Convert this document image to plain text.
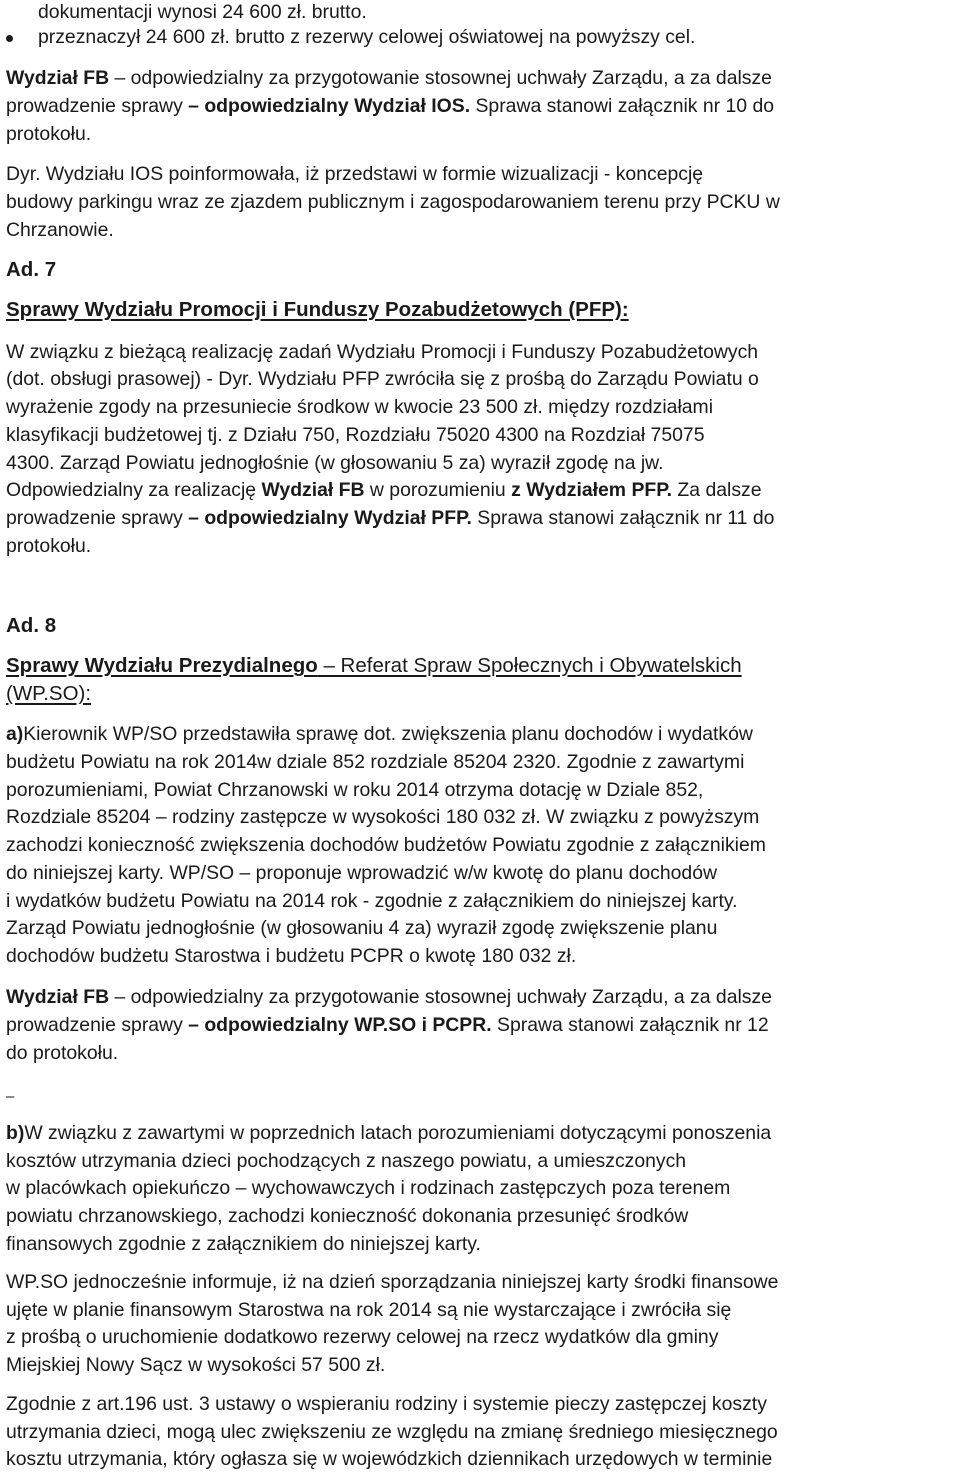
dokumentacji wynosi 24 600 zł. brutto.
przeznaczył 24 600 zł. brutto z rezerwy celowej oświatowej na powyższy cel.
Wydział FB – odpowiedzialny za przygotowanie stosownej uchwały Zarządu, a za dalsze
prowadzenie sprawy – odpowiedzialny Wydział IOS. Sprawa stanowi załącznik nr 10 do
protokołu.
Dyr. Wydziału IOS poinformowała, iż przedstawi w formie wizualizacji - koncepcję
budowy parkingu wraz ze zjazdem publicznym i zagospodarowaniem terenu przy PCKU w
Chrzanowie.
Ad. 7
Sprawy Wydziału Promocji i Funduszy Pozabudżetowych (PFP):
W związku z bieżącą realizację zadań Wydziału Promocji i Funduszy Pozabudżetowych
(dot. obsługi prasowej) - Dyr. Wydziału PFP zwróciła się z prośbą do Zarządu Powiatu o
wyrażenie zgody na przesuniecie środkow w kwocie 23 500 zł. między rozdziałami
klasyfikacji budżetowej tj. z Działu 750, Rozdziału 75020 4300 na Rozdział 75075
4300. Zarząd Powiatu jednogłośnie (w głosowaniu 5 za) wyraził zgodę na jw.
Odpowiedzialny za realizację Wydział FB w porozumieniu z Wydziałem PFP. Za dalsze
prowadzenie sprawy – odpowiedzialny Wydział PFP. Sprawa stanowi załącznik nr 11 do
protokołu.
Ad. 8
Sprawy Wydziału Prezydialnego – Referat Spraw Społecznych i Obywatelskich
(WP.SO):
a)Kierownik WP/SO przedstawiła sprawę dot. zwiększenia planu dochodów i wydatków
budżetu Powiatu na rok 2014w dziale 852 rozdziale 85204 2320. Zgodnie z zawartymi
porozumieniami, Powiat Chrzanowski w roku 2014 otrzyma dotację w Dziale 852,
Rozdziale 85204 – rodziny zastępcze w wysokości 180 032 zł. W związku z powyższym
zachodzi konieczność zwiększenia dochodów budżetów Powiatu zgodnie z załącznikiem
do niniejszej karty. WP/SO – proponuje wprowadzić w/w kwotę do planu dochodów
i wydatków budżetu Powiatu na 2014 rok - zgodnie z załącznikiem do niniejszej karty.
Zarząd Powiatu jednogłośnie (w głosowaniu 4 za) wyraził zgodę zwiększenie planu
dochodów budżetu Starostwa i budżetu PCPR o kwotę 180 032 zł.
Wydział FB – odpowiedzialny za przygotowanie stosownej uchwały Zarządu, a za dalsze
prowadzenie sprawy – odpowiedzialny WP.SO i PCPR. Sprawa stanowi załącznik nr 12
do protokołu.
–
b)W związku z zawartymi w poprzednich latach porozumieniami dotyczącymi ponoszenia
kosztów utrzymania dzieci pochodzących z naszego powiatu, a umieszczonych
w placówkach opiekuńczo – wychowawczych i rodzinach zastępczych poza terenem
powiatu chrzanowskiego, zachodzi konieczność dokonania przesunięć środków
finansowych zgodnie z załącznikiem do niniejszej karty.
WP.SO jednocześnie informuje, iż na dzień sporządzania niniejszej karty środki finansowe
ujęte w planie finansowym Starostwa na rok 2014 są nie wystarczające i zwróciła się
z prośbą o uruchomienie dodatkowo rezerwy celowej na rzecz wydatków dla gminy
Miejskiej Nowy Sącz w wysokości 57 500 zł.
Zgodnie z art.196 ust. 3 ustawy o wspieraniu rodziny i systemie pieczy zastępczej koszty
utrzymania dzieci, mogą ulec zwiększeniu ze względu na zmianę średniego miesięcznego
kosztu utrzymania, który ogłasza się w wojewódzkich dziennikach urzędowych w terminie
